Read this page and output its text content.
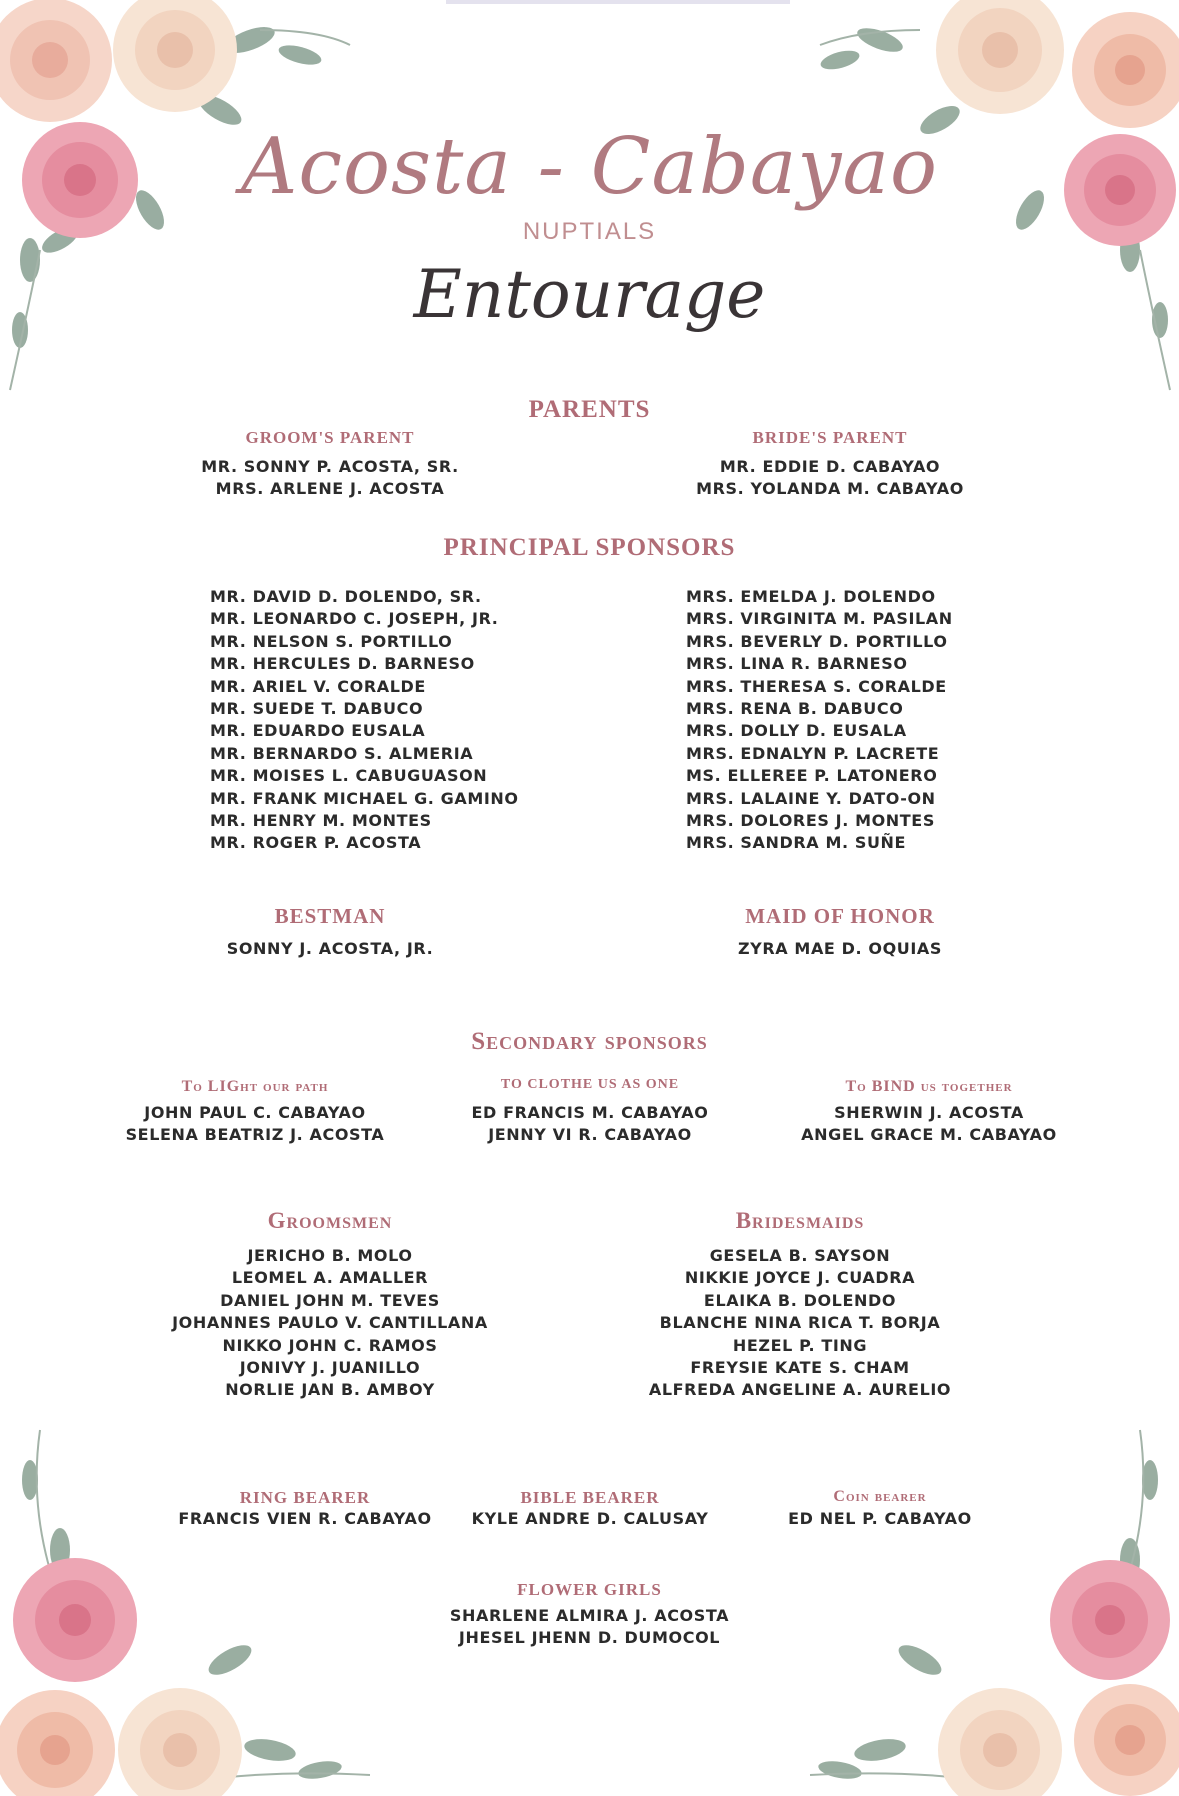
Acosta - Cabayao
NUPTIALS
Entourage
PARENTS
GROOM'S PARENT
MR. SONNY P. ACOSTA, SR.
MRS. ARLENE J. ACOSTA
BRIDE'S PARENT
MR. EDDIE D. CABAYAO
MRS. YOLANDA M. CABAYAO
PRINCIPAL SPONSORS
MR. DAVID D. DOLENDO, SR.
MR. LEONARDO C. JOSEPH, JR.
MR. NELSON S. PORTILLO
MR. HERCULES D. BARNESO
MR. ARIEL V. CORALDE
MR. SUEDE T. DABUCO
MR. EDUARDO EUSALA
MR. BERNARDO S. ALMERIA
MR. MOISES L. CABUGUASON
MR. FRANK MICHAEL G. GAMINO
MR. HENRY M. MONTES
MR. ROGER P. ACOSTA
MRS. EMELDA J. DOLENDO
MRS. VIRGINITA M. PASILAN
MRS. BEVERLY D. PORTILLO
MRS. LINA R. BARNESO
MRS. THERESA S. CORALDE
MRS. RENA B. DABUCO
MRS. DOLLY D. EUSALA
MRS. EDNALYN P. LACRETE
MS. ELLEREE P. LATONERO
MRS. LALAINE Y. DATO-ON
MRS. DOLORES J. MONTES
MRS. SANDRA M. SUÑE
BESTMAN
SONNY J. ACOSTA, JR.
MAID OF HONOR
ZYRA MAE D. OQUIAS
Secondary sponsors
To LIGht our path
JOHN PAUL C. CABAYAO
SELENA BEATRIZ J. ACOSTA
TO CLOTHE US AS ONE
ED FRANCIS M. CABAYAO
JENNY VI R. CABAYAO
To BIND us together
SHERWIN J. ACOSTA
ANGEL GRACE M. CABAYAO
Groomsmen
JERICHO B. MOLO
LEOMEL A. AMALLER
DANIEL JOHN M. TEVES
JOHANNES PAULO V. CANTILLANA
NIKKO JOHN C. RAMOS
JONIVY J. JUANILLO
NORLIE JAN B. AMBOY
Bridesmaids
GESELA B. SAYSON
NIKKIE JOYCE J. CUADRA
ELAIKA B. DOLENDO
BLANCHE NINA RICA T. BORJA
HEZEL P. TING
FREYSIE KATE S. CHAM
ALFREDA ANGELINE A. AURELIO
RING BEARER
FRANCIS VIEN R. CABAYAO
BIBLE BEARER
KYLE ANDRE D. CALUSAY
Coin bearer
ED NEL P. CABAYAO
FLOWER GIRLS
SHARLENE ALMIRA J. ACOSTA
JHESEL JHENN D. DUMOCOL
